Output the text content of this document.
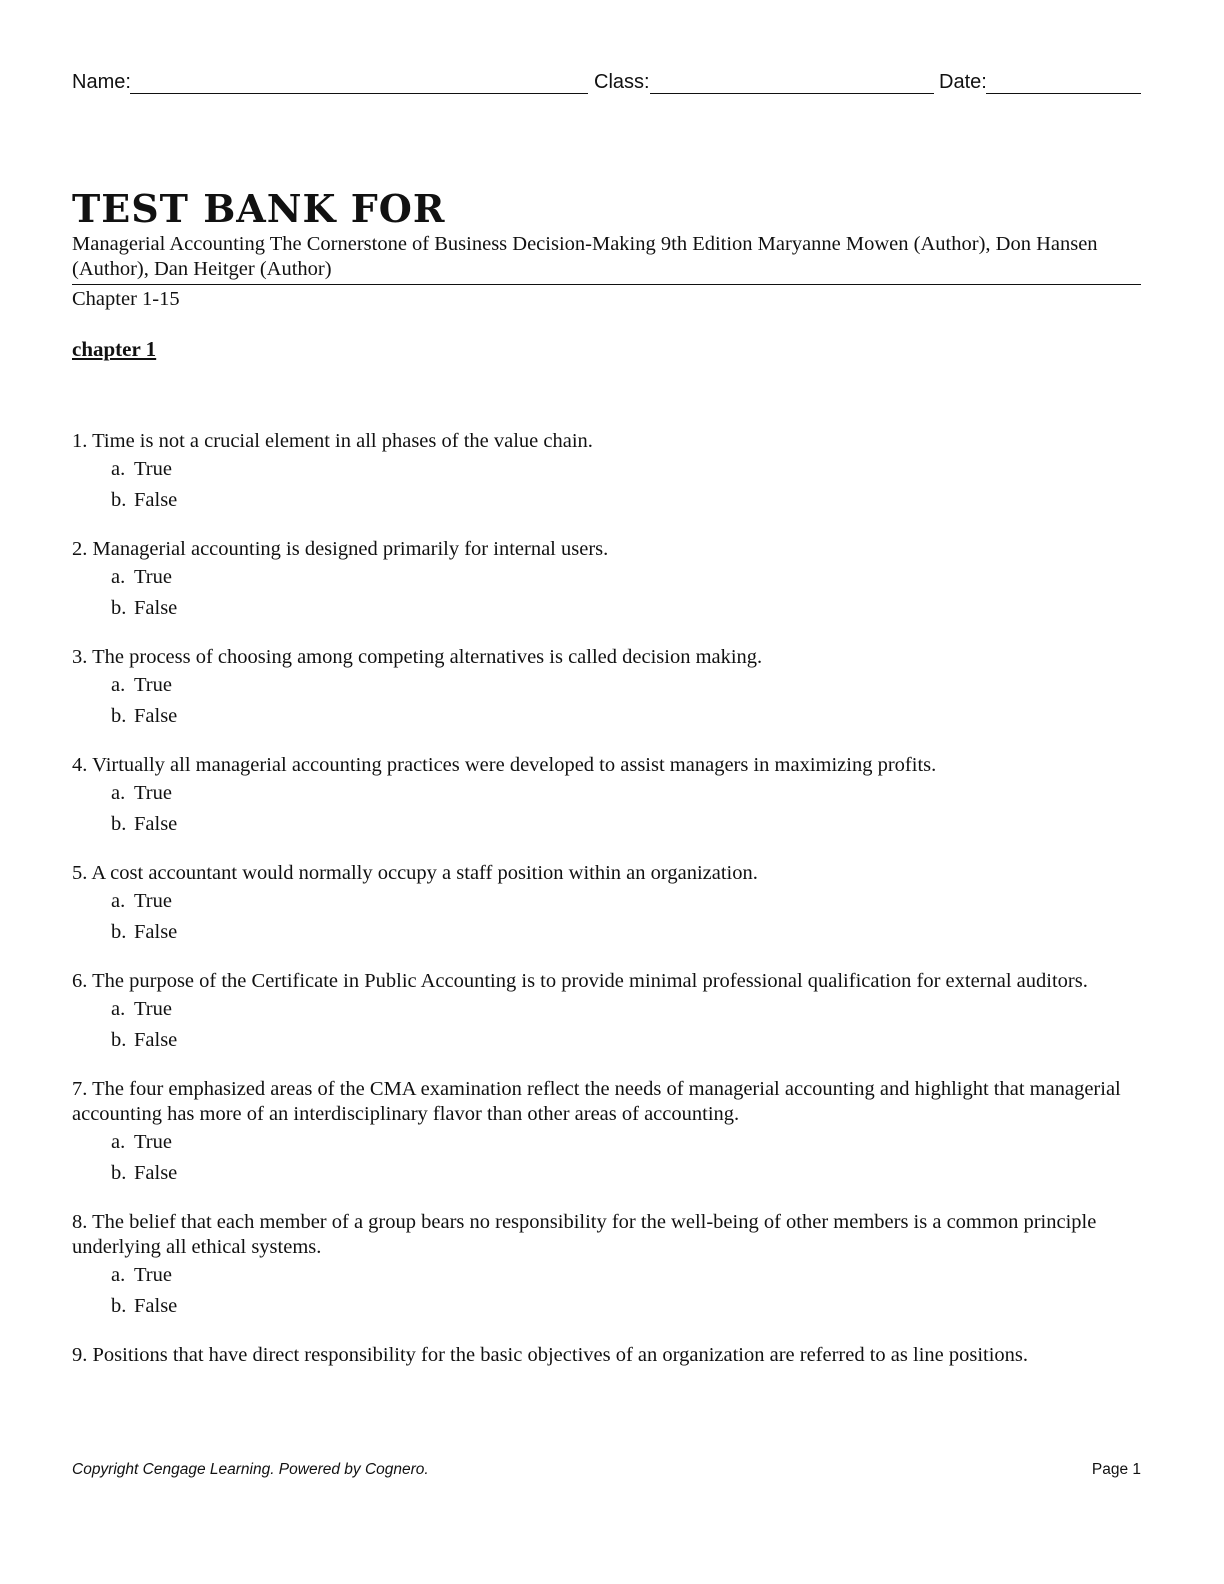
Name:	Class:	Date:
TEST BANK FOR
Managerial Accounting The Cornerstone of Business Decision-Making 9th Edition Maryanne Mowen (Author), Don Hansen (Author), Dan Heitger (Author)
Chapter 1-15
chapter 1
1. Time is not a crucial element in all phases of the value chain.
a. True
b. False
2. Managerial accounting is designed primarily for internal users.
a. True
b. False
3. The process of choosing among competing alternatives is called decision making.
a. True
b. False
4. Virtually all managerial accounting practices were developed to assist managers in maximizing profits.
a. True
b. False
5. A cost accountant would normally occupy a staff position within an organization.
a. True
b. False
6. The purpose of the Certificate in Public Accounting is to provide minimal professional qualification for external auditors.
a. True
b. False
7. The four emphasized areas of the CMA examination reflect the needs of managerial accounting and highlight that managerial accounting has more of an interdisciplinary flavor than other areas of accounting.
a. True
b. False
8. The belief that each member of a group bears no responsibility for the well-being of other members is a common principle underlying all ethical systems.
a. True
b. False
9. Positions that have direct responsibility for the basic objectives of an organization are referred to as line positions.
Copyright Cengage Learning. Powered by Cognero.	Page 1
